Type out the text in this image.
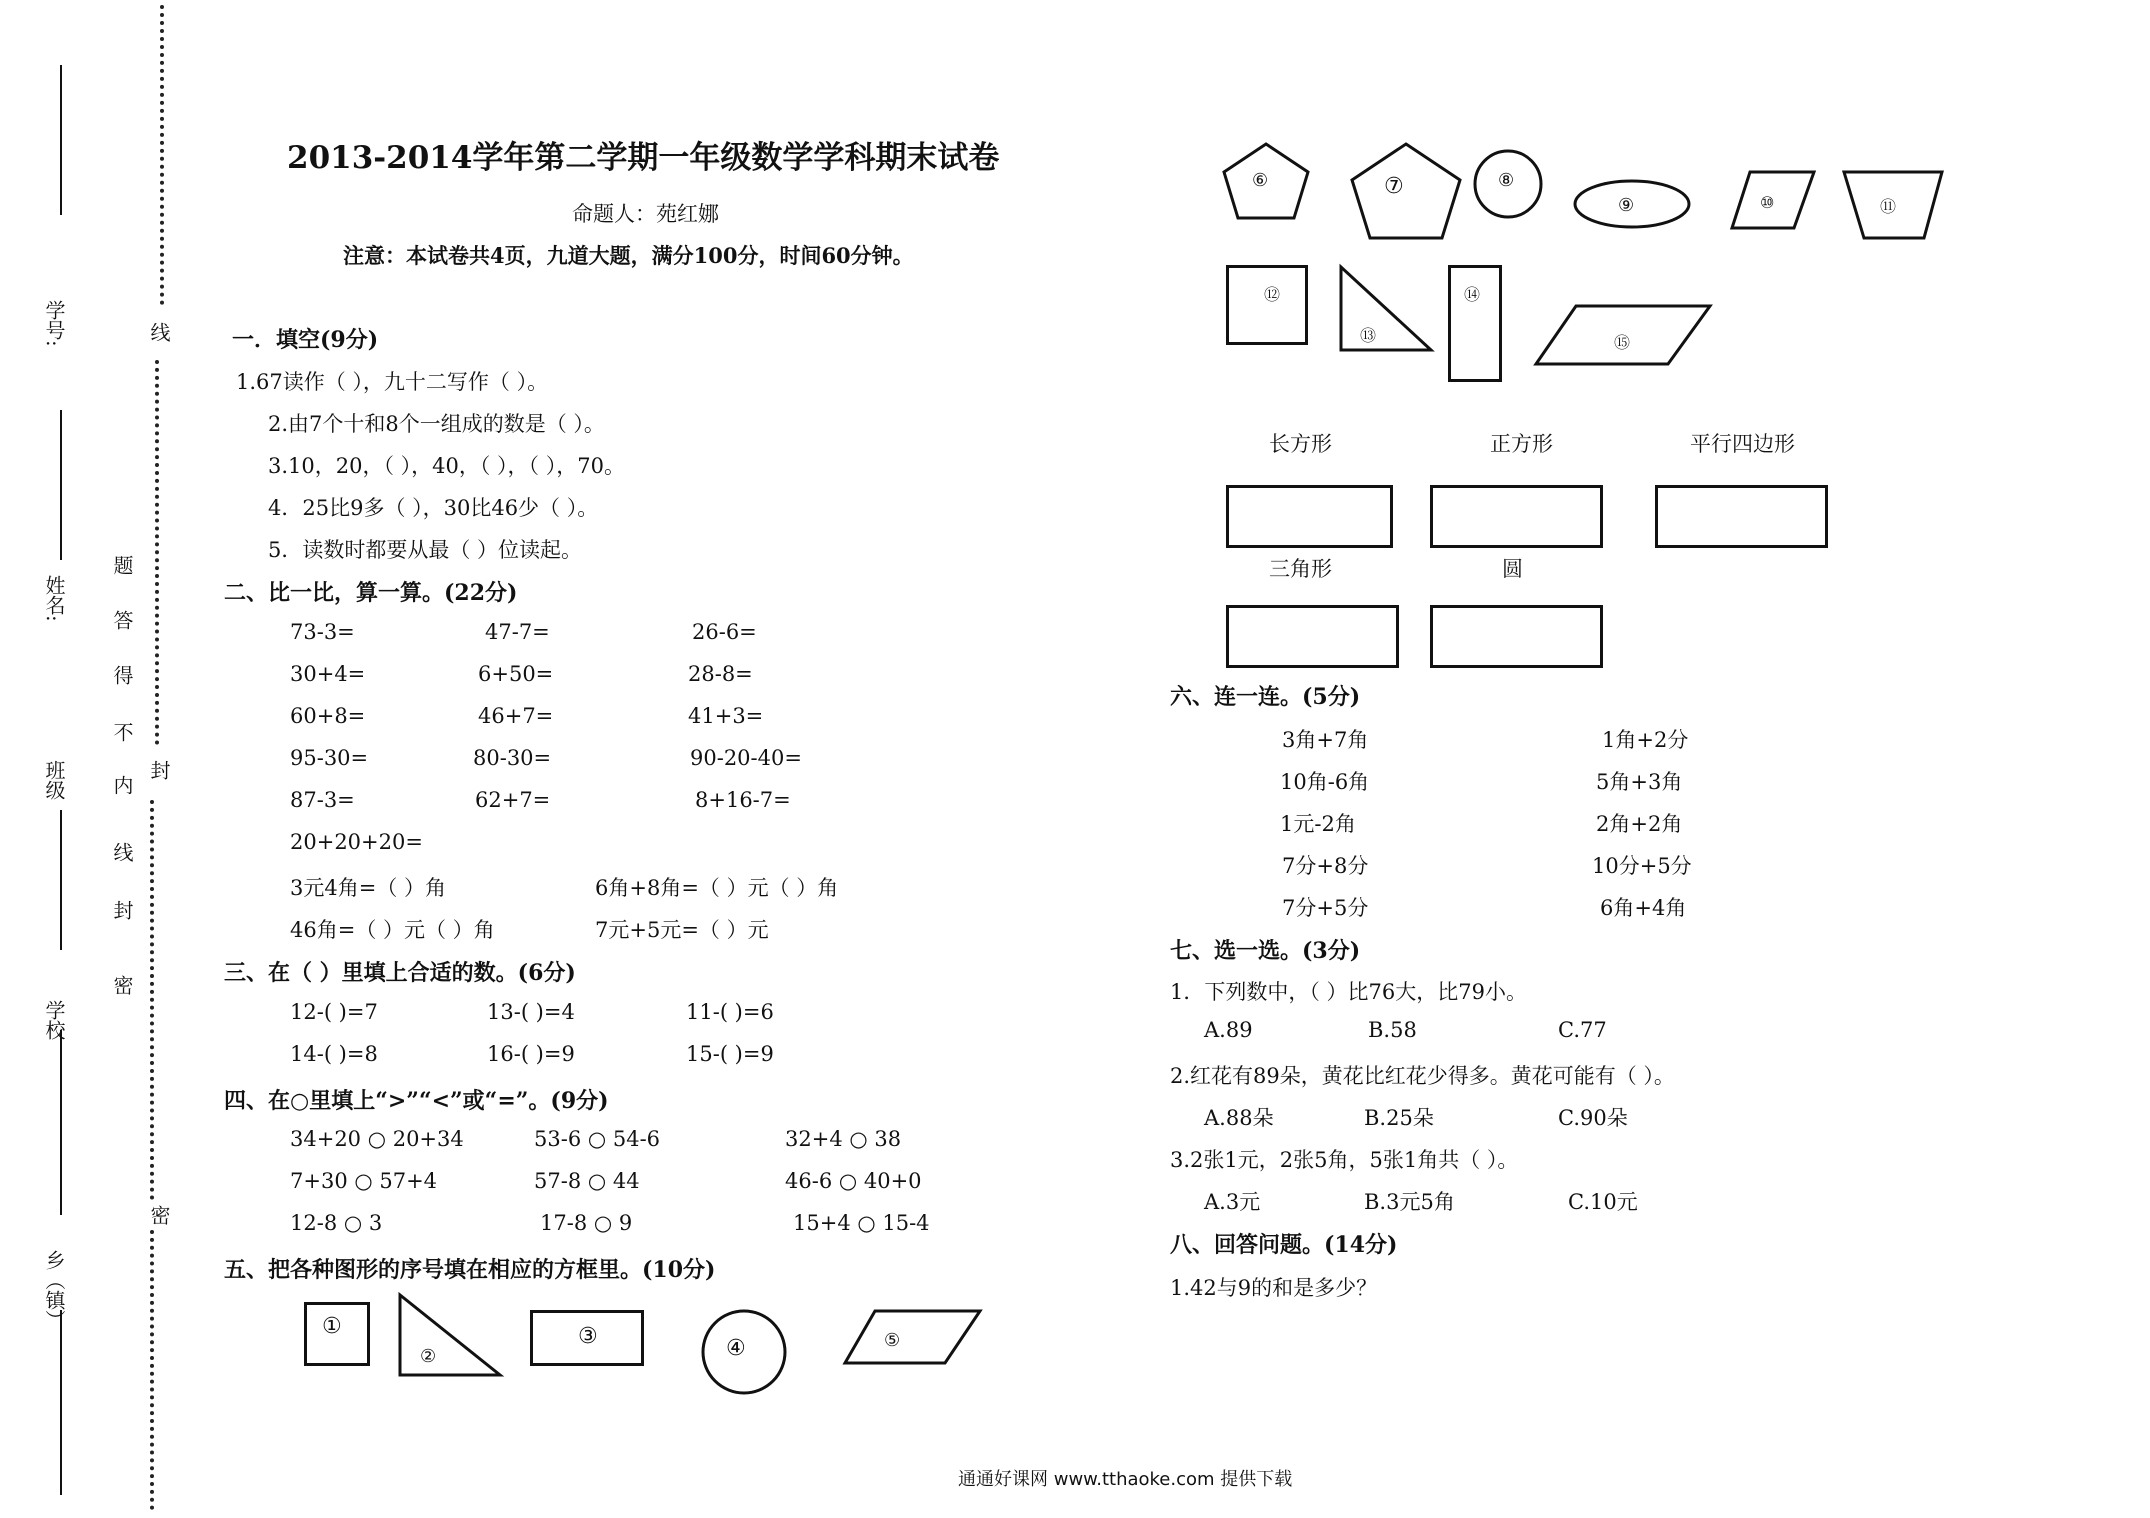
学号:
姓名:
班级
学校
乡（镇）
题
答
得
不
内
线
封
密
线
封
密
2013-2014学年第二学期一年级数学学科期末试卷
命题人：苑红娜
注意：本试卷共4页，九道大题，满分100分，时间60分钟。
一．填空(9分)
1.67读作（ ），九十二写作（ ）。
2.由7个十和8个一组成的数是（ ）。
3.10，20，（ ），40，（ ），（ ），70。
4．25比9多（ ），30比46少（ ）。
5．读数时都要从最（ ）位读起。
二、比一比，算一算。(22分)
73-3=	47-7=	26-6=
30+4=	6+50=	28-8=
60+8=	46+7=	41+3=
95-30=	80-30=	90-20-40=
87-3=	62+7=	8+16-7=
20+20+20=
3元4角=（ ）角	6角+8角=（ ）元（ ）角
46角=（ ）元（ ）角	7元+5元=（ ）元
三、在（ ）里填上合适的数。(6分)
12-( )=7	13-( )=4	11-( )=6
14-( )=8	16-( )=9	15-( )=9
四、在○里填上“>”“<”或“=”。(9分)
34+20 ○ 20+34	53-6 ○ 54-6	32+4 ○ 38
7+30 ○ 57+4	57-8 ○ 44	46-6 ○ 40+0
12-8 ○ 3	17-8 ○ 9	15+4 ○ 15-4
五、把各种图形的序号填在相应的方框里。(10分)
①
②
③	④	⑤
⑥	⑦	⑧
⑨	⑩	⑪
⑫
⑬
⑭
⑮
长方形	正方形	平行四边形
三角形	圆
六、连一连。(5分)
3角+7角
10角-6角
1元-2角
7分+8分
7分+5分
1角+2分
5角+3角
2角+2角
10分+5分
6角+4角
七、选一选。(3分)
1．下列数中，（ ）比76大，比79小。
A.89	B.58	C.77
2.红花有89朵，黄花比红花少得多。黄花可能有（ ）。
A.88朵	B.25朵	C.90朵
3.2张1元，2张5角，5张1角共（ ）。
A.3元	B.3元5角	C.10元
八、回答问题。(14分)
1.42与9的和是多少？
通通好课网 www.tthaoke.com 提供下载
